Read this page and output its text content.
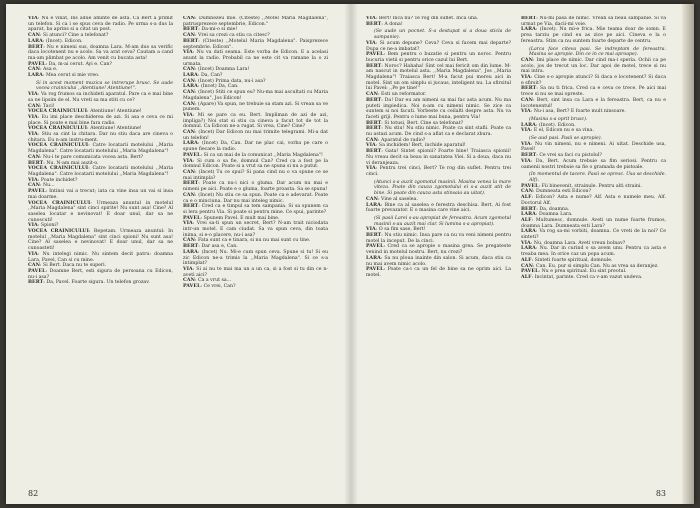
VIA: Nu e vinat, Ins adue aminte de asta. Ca Bert a primit un telefon. Si ca i se spus ceva de radio. Pe urma s-a dus la aparat, ba aprins si a citat un post.

CAN: Si atunci? Cine a telefonat?

LARA: (Incet). Edicon.

BERT: Nu e nimeni sus, doamna Lara. M-am dus sa verific daca locotenent nu e acolo. Sa va arat ceva? Cautam a cand ma-am plimbat pe acolo. Am venit cu bucata asta!

PAVEL: Da, m-ai cerut. Ayi e. Can?

CAN: Asa e.

LARA: Mea cerut si mie vreo.

Si in acest moment muzica se intrerupe brusc. Se aude vocea crainicului ,,Atentiune! Atentiune!".

VIA: Va rog frumos sa inchideti aparatul. Pare ca e mai bine sa ne lipsim de el. Nu vreti sa ma stiti cu ce?

CAN: Taci!

VOCEA CRAINICULUI: Atentiune! Atentiune!

VIA: Eu imi place deschiderea de azi. Si asa e ceva ce mi place. Si poate e mai bine fara radio.

VOCEA CRAINICULUI: Atentiune! Atentiune!

VIA: Stiu sa cint la chitara. Dar nu stiu daca are cineva o chitara. Eu n-am instru-ment.

VOCEA CRAINICULUI: Catre locatarii motelului ,,Maria Magdalena". Catre locatarii motelului ,,Maria Magdalena"!

CAN: Nu-i te pare comunicata vocea asta. Bert?

BERT: Nu. N-am mai auzit-o.

VOCEA CRAINICULUI: Catre locatarii motelului ,,Maria Magdalena". Catre locatarii motelului ,,Maria Magdalena"!

VIA: Poate inchidet?

CAN: Nu...

PAVEL: Intinsi vai a trecut; iata ca vine insa un vai si insa mai doarme.

VOCEA CRAINICULUI: Urmeaza anuntul in motelul ,,Maria Magdalena" sint cinci spirite! Nu sunt asa! Cine? Al saselea locatar e nevinovat! E doar unul, dar sa ne cunoscuti!

VIA: Spioni?

VOCEA CRAINICULUI: Repetam. Urmeaza anuntul: In motelul ,,Maria Magdalena" sint cinci spioni! Nu sunt asa! Cine? Al saselea e nevinovat! E doar unul, dar sa ne cunoasteti!

VIA: Nu intelegi nimic. Nu sintem decit patru: doamna Lara, Pavel, Can si cu mine.

CAN: Si Bert. Daca nu te superi.

PAVEL: Doamne Bert, esti sigura de persoana cu Edicon, nu-i asa?

BERT: Da, Pavel. Foarte sigura. Un telefon grozav.

CAN: Dumnezeu mie. (Citeste) ,,Motel Maria Magdalena", patrusprezece septembrie, Edicon."

BERT: Da-mi-o si mie!

CAN: Vrei sa crezi ca stiu ca citesc?

BERT: (Citeste) ,,Motelul Maria Magdalena". Paisprezece septembrie. Edicon".

VIA: Nu va dati seama. Este vorba de Edicon. E a acelasi anunt la radio. Probabil ca ne este cit va ramane la o zi urmata.

CAN: (Incet) Doamna Lara!

LARA: Da, Can?

CAN: (Incet) Prima data, nu-i asa?

LARA: (Incet) Da, Can.

CAN: (Incet) Stiti ce spun eu? Nu-ma mai ascultati cu Maria Magdalena", Jos Edicon!

CAN: (Apare) Va spun, ne trebuie sa stam azi. Si vrean sa ve punem.

VIA: Mi se pare ca eu. Bert. Impliman de azi de azi, impliga?) Noi stat si stiu ca cineva a facut tot de tot la domnul. Ca Edicon ne-a rugat. Si vrea, Cine? Cine?

CAN: (Incet) Dar Edicon nu mai trimite telegrami. Mi-a dat un telefon!

LARA: (Incet) Da, Can. Dar ne plac cai, vorba pe care o spune fiecare la radio.

PAVEL: Si ca un mai de la comunicat ,,Maria Magdalena"!

VIA: Si cum o sa fie, domnul Can? Cred ca a fost pe la domnul Edicon. Poate si a vrut sa ne spuna si nu a putut.

CAN: (Incet) Tu ce spui? Si pana cind nu o va spune ce se mai intimpla?

BERT: Poate ca nu-i nici o gluma. Dar acum nu mai e nimeni pe aici. Poate e o gluma, foarte proasta. Sa se spuna!

CAN: (Incet) Nu stiu ce sa spun. Poate ca e adevarat. Poate ca e o minciuna. Dar nu mai inteleg nimic.

BERT: Cred ca e timpul sa tem sampania. Si sa spunem ca si lera pentru Via. Si poate si pentru mine. Ce spui, parinte?

PAVEL: Spunem Pavel. E mult mai bine.

VIA: Vrei sa-ti spun un secret, Bert? N-am trait niciodata intr-un motel. E cam ciudat. Sa va spun ceva, din toata inima, si e-o placere, nu-i asa?

CAN: Fata sunt ca e tinara, si nu nu mai sunt cu tine.

BERT: Dar asa e, Can.

LARA: (Incet) Nu. Mi-e cum spun ceva. Spune si tu! Si eu zic Edicon ne-a trimis la ,,Maria Magdalena". Si ce s-a intimplat?

VIA: Si ai nu te mai ma un a un ca, si a fost si tu din ce n-aveti aici?

CAN: Ca a vrut sa...

PAVEL: Ce vrei, Can?

82

VIA: Bert! Inca nu? Te rog din suflet. Inca una.

BERT: A dona!

(Se aude un pocnet. S-a destupat si a doua sticla de sampanie).

VIA: Si acum depune? Ceva? Ceva si facem mai departe? Dupa ce ne-a imbatat?

PAVEL: Bem pentru o buzatie si pentru un noroc. Pentru bucuria vietii si pentru orice cazul lui Bert.

BERT: Noroc? Hahaha! Sint cel mai fericit om din lume. M-am nascut in motelul asta. ,,Maria Magdalena", Jos ,,Maria Magdalena"! Traiasca Bert! M-a facut pui mereu aici in motel. Sint un om simplu si jucaus, inteligent nu. La sfirsitul lui Pavel: ,,Pe pe tine!"

CAN: Esti un reformator.

BERT: Da! Dar eu am nimeni sa mai fac asta acum. Nu ma puteti impiedica. Noi n-am cu nimeni nimic. Se zice ca suntem si noi facuti. Vorbeste cu ceilalti despre asta. Nu va faceti griji. Pentru o lume mai buna, pentru Via!

BERT: Si totusi, Bert. Cine sa telefonat?

BERT: Nu stiu! Nu stiu nimic. Poate ca sint stafii. Poate ca nu astazi acum. De cind s-a aflat ca e declarat zbura.

CAN: Aparatul de radio?

VIA: Sa inchidem! Bert, inchide aparatul!

BERT: Gata! Sintet spionii? Foarte bine! Traiasca spionii! Nu vreau decit sa beau in sanatatea Viei. Si a doua, daca nu vi deranjeaza.

VIA: Pentru trei cinci, Bert? Te rog din suflet. Pentru trei cinci.

(Atunci s-a auzit zgomotul masinii. Masina venea la mare viteza. Poate din cauza zgomotului ei s-a auzit atit de bine. Si poate din cauza asta stinsaia au uitat).

CAN: Vine al saselea.

LARA: Bine ca al saselea e ferestra deschisa. Bert, Ai fost foarte prevazator. E o masina care vine aici.

(Si pasii Larei s-au apropiat de fereastra. Acum zgomotul masinii s-au auzit mai clar. Si lumina s-a apropiat).

VIA: O sa fim sase, Bert!

BERT: Nu stiu nimic. Insa pare ca nu va veni nimeni pentru motel la inceput. De la cinci.

PAVEL: Cred ca se apropie o masina grea. Se pregateste venind in motelul nostru. Bert, nu crezi?

LARA: Sa nu ploua inainte din salon. Si acum, daca stiu ca nu mai avem nimic acolo.

PAVEL: Poate ca-i ca un fel de bine sa ne oprim aici. La motel.

BERT: Nu-mi pasa de nimic. Vrean sa beau sampanie. Si va urmat pe Via, dacii-mi voie.

LARA: (Incet). Nu mi-e frica. Mie teama doar de somn. E prea tarziu pe cind eu as zice pe aici. Cineva e la o fereastra. Stim ca nu suntem foarte departe de centru.

(Larca face citeva pasi. Se indreptam de fereastra. Masina se apropie. Din ce in ce mai aproape).

CAN: Imi place de nimic. Dar cind ma-i speria. Ochii ca pe acolo, jos de trecut un loc. Dar apoi de motel, trece si nu mai intra.

VIA: Cine s-o apropie atunci? Si daca e locotenent? Si daca e sfirsit?

BERT: Sa nu ti frica. Cred ca e ceva ce trece. Pe aici mai trece si nu se mai opreste.

CAN: Bert, sint insa ca Lara e la fereastra. Bert, ca nu e locotenentul!

VIA: Nu-i asa, Bert? E foarte mult ninsoare.

(Masina s-a oprit brusc).

LARA: (Incet). Edicon.

VIA: E el, Edicon nu e sa vina.

(Se aud pasi. Pasii se apropie).

VIA: Nu vin nimeni, nu e nimeni. Ai uitat. Deschide usa, Pavel!

BERT: Ce vrei sa faci cu pistolul?

VIA: Da, Bert. Acum trebuie sa fim seriosi. Pentru ca oamenii nostri trebuie sa fie o gramada de pistoale.

(In momentul de tacere. Pasii se opresc. Usa se deschide. Alf).

PAVEL: Fii binevenit, strainule. Pentru alti straini.

CAN: Dumneata esti Edicon?

ALF: Edicon? Asta e nume? Alf. Asta e numele meu. Alf. Doctorul Alf.

BERT: Da, doamna.

LARA: Doamna Lara.

ALF: Multumesc, domnule. Aveti un nume foarte frumos, doamna Lara. Dumneata esti Lara?

LARA: Va rog sa-mi vorbiti, doamna. Ce vreti de la noi? Ce sinteti?

VIA: Nu, doamna Lara. Aveti vreun bolnav?

LARA: Nu. Dar in curind o sa avem unu. Pentru ca asta e treaba mea. In orice caz un popa acum.

ALF: Sinteti foarte spiritual, domnule.

CAN: Can. Eu, pur si simplu Can. Nu as vrea sa deranjez.

PAVEL: Nu e prea spiritual. Eu sint preotul.

ALF: Incintat, parinte. Cred ca v-am vazut undeva.

83
